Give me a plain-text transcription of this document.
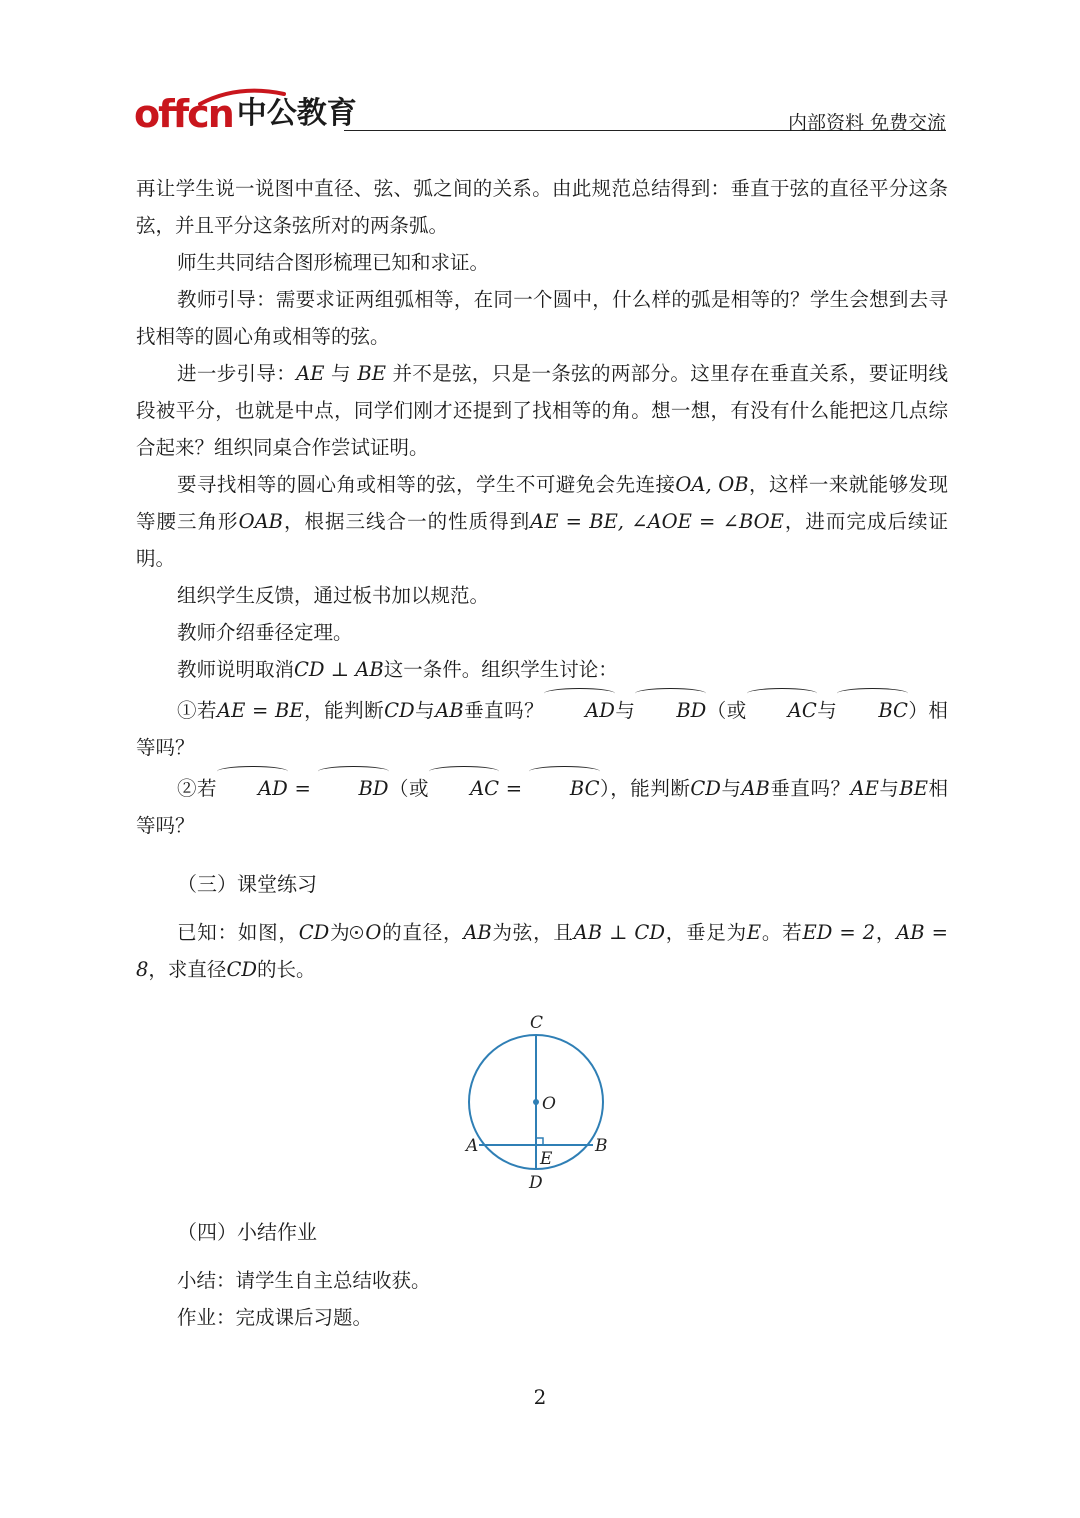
offcn 中公教育	内部资料 免费交流

再让学生说一说图中直径、弦、弧之间的关系。由此规范总结得到：垂直于弦的直径平分这条弦，并且平分这条弦所对的两条弧。

师生共同结合图形梳理已知和求证。

教师引导：需要求证两组弧相等，在同一个圆中，什么样的弧是相等的？学生会想到去寻找相等的圆心角或相等的弦。

进一步引导：AE 与 BE 并不是弦，只是一条弦的两部分。这里存在垂直关系，要证明线段被平分，也就是中点，同学们刚才还提到了找相等的角。想一想，有没有什么能把这几点综合起来？组织同桌合作尝试证明。

要寻找相等的圆心角或相等的弦，学生不可避免会先连接OA, OB，这样一来就能够发现等腰三角形OAB，根据三线合一的性质得到AE = BE, ∠AOE = ∠BOE，进而完成后续证明。

组织学生反馈，通过板书加以规范。

教师介绍垂径定理。

教师说明取消CD ⊥ AB这一条件。组织学生讨论：

①若AE = BE，能判断CD与AB垂直吗？ AD与 BD（或 AC与 BC）相等吗？

②若 AD = BD（或 AC = BC），能判断CD与AB垂直吗？AE与BE相等吗？

（三）课堂练习

已知：如图，CD为 O的直径，AB为弦，且AB ⊥ CD，垂足为E。若ED = 2，AB = 8，求直径CD的长。

C
O
A	B
E
D
（四）小结作业

小结：请学生自主总结收获。

作业：完成课后习题。

2
